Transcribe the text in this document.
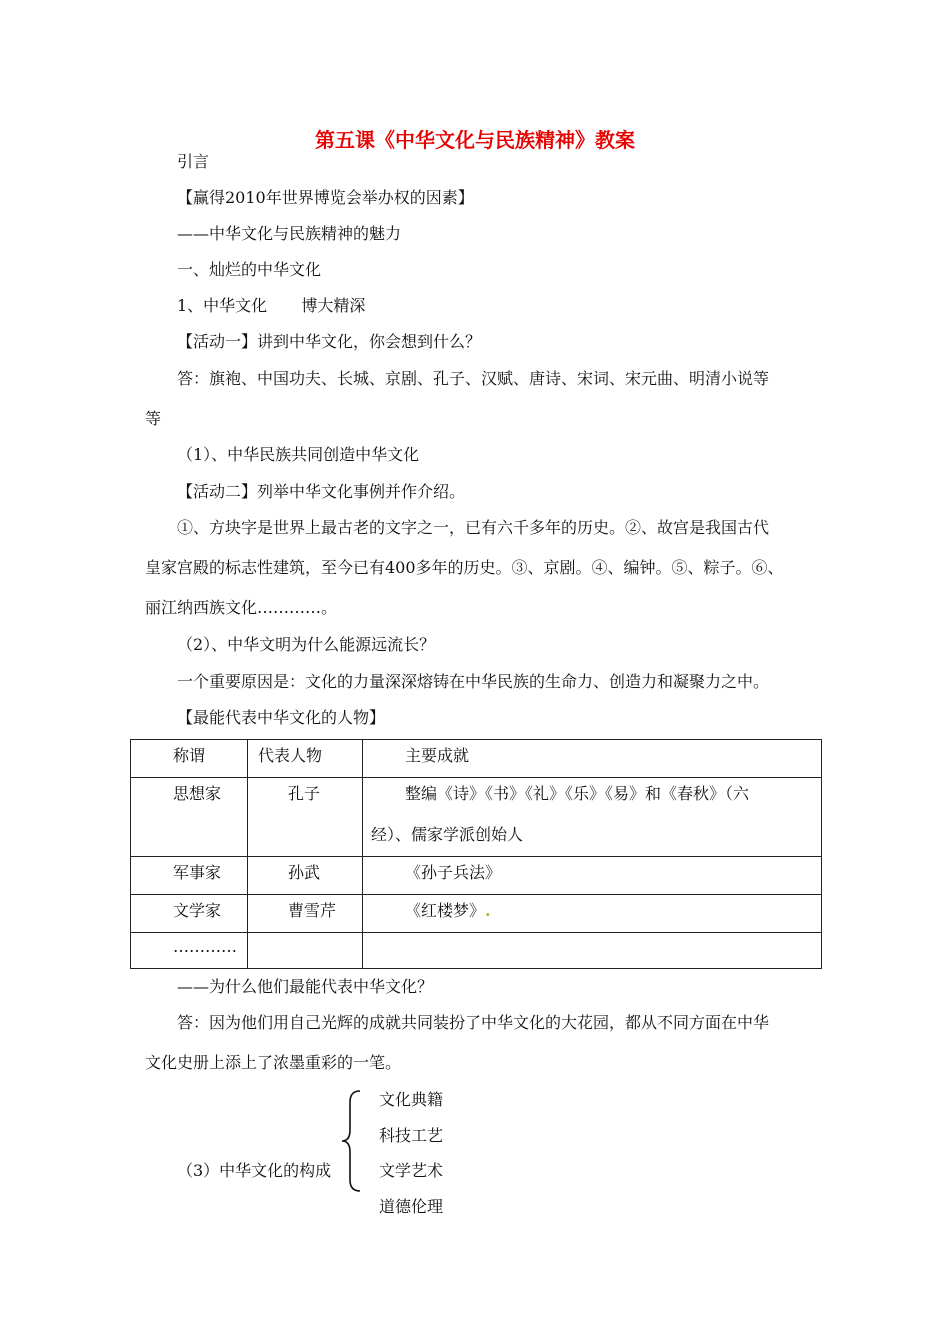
第五课《中华文化与民族精神》教案
引言
【赢得2010年世界博览会举办权的因素】
——中华文化与民族精神的魅力
一、灿烂的中华文化
1、中华文化 博大精深
【活动一】讲到中华文化，你会想到什么？
答：旗袍、中国功夫、长城、京剧、孔子、汉赋、唐诗、宋词、宋元曲、明清小说等
等
（1）、中华民族共同创造中华文化
【活动二】列举中华文化事例并作介绍。
①、方块字是世界上最古老的文字之一，已有六千多年的历史。②、故宫是我国古代
皇家宫殿的标志性建筑，至今已有400多年的历史。③、京剧。④、编钟。⑤、粽子。⑥、
丽江纳西族文化…………。
（2）、中华文明为什么能源远流长？
一个重要原因是：文化的力量深深熔铸在中华民族的生命力、创造力和凝聚力之中。
【最能代表中华文化的人物】
称谓	代表人物	主要成就

思想家	孔子	整编《诗》《书》《礼》《乐》《易》和《春秋》（六
经）、儒家学派创始人

军事家	孙武	《孙子兵法》

文学家	曹雪芹	《红楼梦》.

…………		

——为什么他们最能代表中华文化？
答：因为他们用自己光辉的成就共同装扮了中华文化的大花园，都从不同方面在中华
文化史册上添上了浓墨重彩的一笔。
（3）中华文化的构成
文化典籍
科技工艺
文学艺术
道德伦理
